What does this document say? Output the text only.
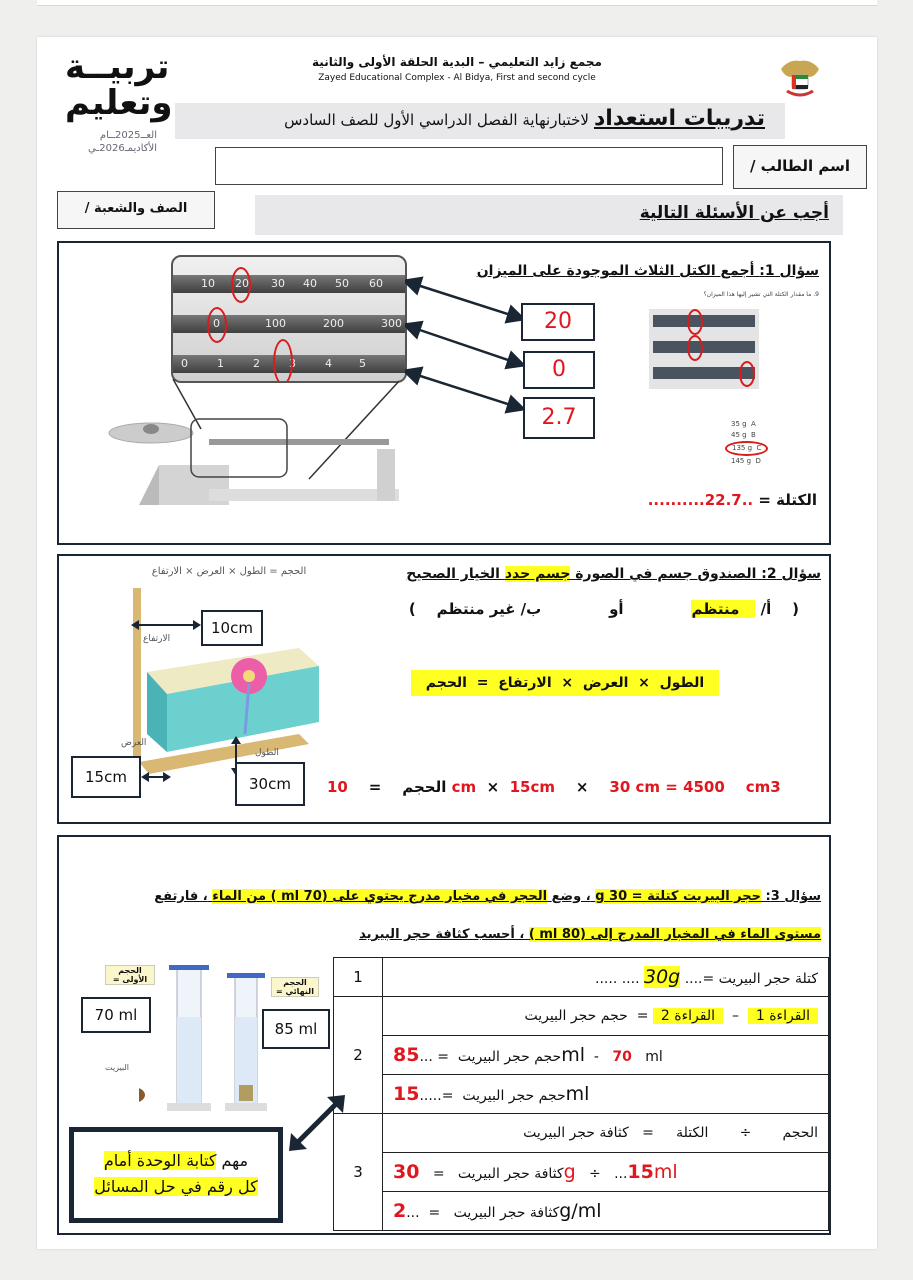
تربيــة
وتعليم
العــ2025ــام
الأكاديمـ2026ـي
مجمع زايد التعليمي – البدية الحلقة الأولى والثانية
Zayed Educational Complex - Al Bidya, First and second cycle
تدريبات استعداد لاختبارنهاية الفصل الدراسي الأول للصف السادس
اسم الطالب /
الصف والشعبة /	أجب عن الأسئلة التالية
سؤال 1: أجمع الكتل الثلاث الموجودة على الميزان
10 20 30 40 50 60
0	100	200	300
0	1	2	3	4 5
20
0
2.7
9. ما مقدار الكتلة التي تشير إليها هذا الميزان؟
35 g A
45 g B
135 g C
145 g D
الكتلة = ..........22.7..
سؤال 2: الصندوق جسم في الصورة جسم حدد الخيار الصحيح
(    أ/ منتظم             أو             ب/ غير منتظم    )
الطول  ×  العرض  ×  الارتفاع  =  الحجم
الحجم = الطول × العرض × الارتفاع
الارتفاع
10cm
العرض
15cm
الطول
30cm	الحجم    =    10 cm  ×  15cm    ×    30 cm = 4500 cm3
سؤال 3: حجر البيريت كتلتة = 30 g ، وضع الحجر في مخبار مدرج يحتوي على (70 ml ) من الماء ، فارتفع
مستوى الماء في المخبار المدرج إلى (80 ml ) ، أحسب كثافة حجر البيريد
الحجم الأولى =	الحجم النهائي =
70 ml
85 ml
البيريت
مهم كتابة الوحدة أمام
كل رقم في حل المسائل
1	كتلة حجر البيريت =.... 30g .... .....
2	القراءة 1  –  القراءة 2 =  حجم حجر البيريت
	حجم حجر البيريت  = ...85 ml - 70 ml
	حجم حجر البيريت  =.....15 ml
3	الحجم       ÷       الكتلة     =   كثافة حجر البيريت
	كثافة حجر البيريت   =   30 g ÷   ...15ml
	كثافة حجر البيريت   =  ...2 g/ml
